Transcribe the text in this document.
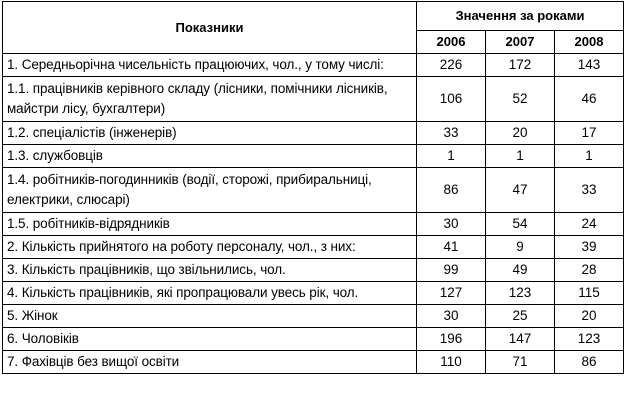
Показники	Значення за роками		
	2006	2007	2008
1. Середньорічна чисельність працюючих, чол., у тому числі:	226	172	143
1.1. працівників керівного складу (лісники, помічники лісників, майстри лісу, бухгалтери)	106	52	46
1.2. спеціалістів (інженерів)	33	20	17
1.3. службовців	1	1	1
1.4. робітників-погодинників (водії, сторожі, прибиральниці, електрики, слюсарі)	86	47	33
1.5. робітників-відрядників	30	54	24
2. Кількість прийнятого на роботу персоналу, чол., з них:	41	9	39
3. Кількість працівників, що звільнились, чол.	99	49	28
4. Кількість працівників, які пропрацювали увесь рік, чол.	127	123	115
5. Жінок	30	25	20
6. Чоловіків	196	147	123
7. Фахівців без вищої освіти	110	71	86
